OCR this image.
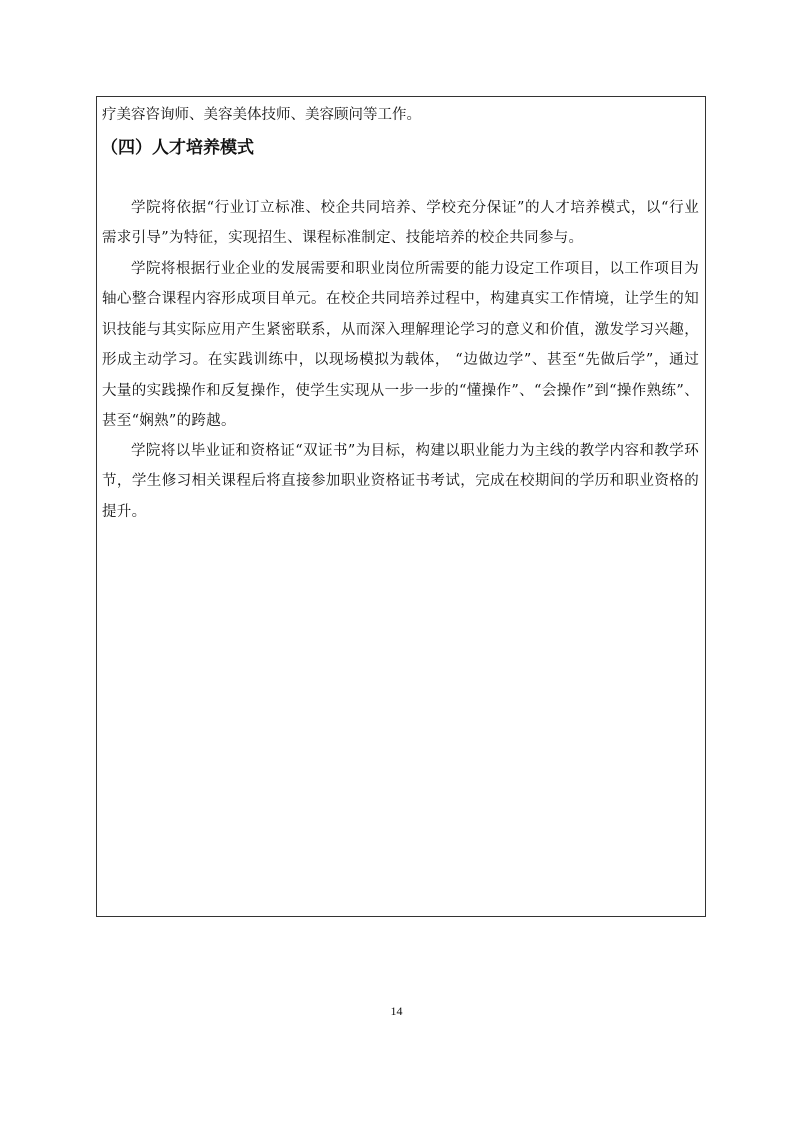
疗美容咨询师、美容美体技师、美容顾问等工作。
（四）人才培养模式
学院将依据“行业订立标准、校企共同培养、学校充分保证”的人才培养模式，以“行业需求引导”为特征，实现招生、课程标准制定、技能培养的校企共同参与。
学院将根据行业企业的发展需要和职业岗位所需要的能力设定工作项目，以工作项目为轴心整合课程内容形成项目单元。在校企共同培养过程中，构建真实工作情境，让学生的知识技能与其实际应用产生紧密联系，从而深入理解理论学习的意义和价值，激发学习兴趣，形成主动学习。在实践训练中，以现场模拟为载体， “边做边学”、甚至“先做后学”，通过大量的实践操作和反复操作，使学生实现从一步一步的“懂操作”、“会操作”到“操作熟练”、甚至“娴熟”的跨越。
学院将以毕业证和资格证“双证书”为目标，构建以职业能力为主线的教学内容和教学环节，学生修习相关课程后将直接参加职业资格证书考试，完成在校期间的学历和职业资格的提升。
14
